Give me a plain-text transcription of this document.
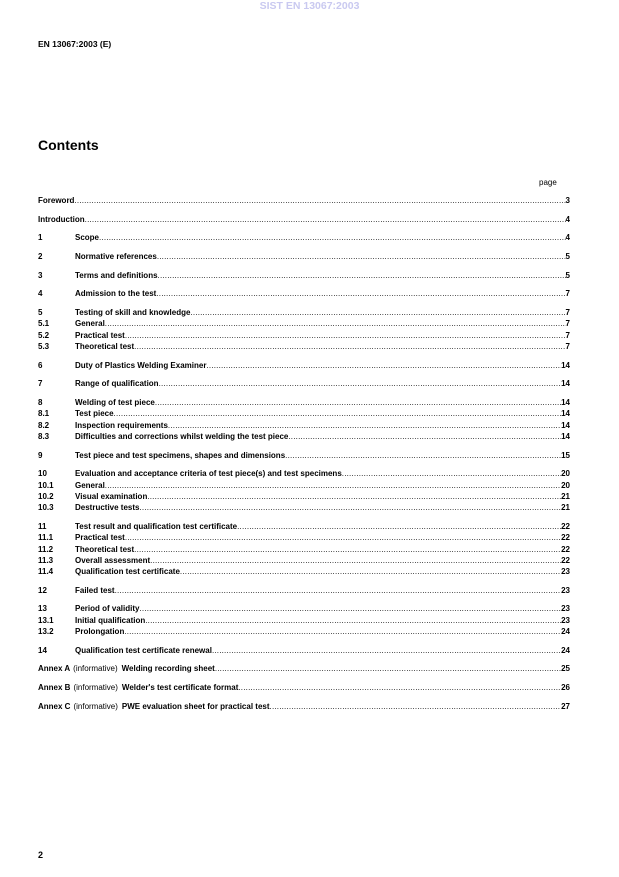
SIST EN 13067:2003
EN 13067:2003 (E)
Contents
page
Foreword .....	3
Introduction .....	4
1	Scope .....	4
2	Normative references .....	5
3	Terms and definitions .....	5
4	Admission to the test .....	7
5	Testing of skill and knowledge .....	7
5.1	General .....	7
5.2	Practical test .....	7
5.3	Theoretical test .....	7
6	Duty of Plastics Welding Examiner .....	14
7	Range of qualification .....	14
8	Welding of test piece .....	14
8.1	Test piece .....	14
8.2	Inspection requirements .....	14
8.3	Difficulties and corrections whilst welding the test piece .....	14
9	Test piece and test specimens, shapes and dimensions .....	15
10	Evaluation and acceptance criteria of test piece(s) and test specimens .....	20
10.1	General .....	20
10.2	Visual examination .....	21
10.3	Destructive tests .....	21
11	Test result and qualification test certificate .....	22
11.1	Practical test .....	22
11.2	Theoretical test .....	22
11.3	Overall assessment .....	22
11.4	Qualification test certificate .....	23
12	Failed test .....	23
13	Period of validity .....	23
13.1	Initial qualification .....	23
13.2	Prolongation .....	24
14	Qualification test certificate renewal .....	24
Annex A (informative) Welding recording sheet .....	25
Annex B (informative) Welder's test certificate format .....	26
Annex C (informative) PWE evaluation sheet for practical test .....	27
2
